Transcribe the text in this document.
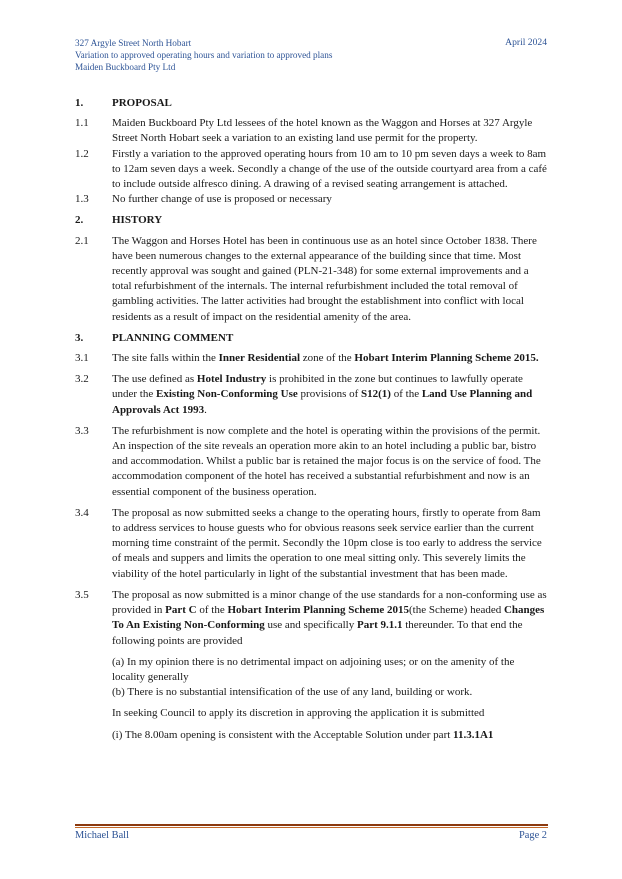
327 Argyle Street North Hobart
Variation to approved operating hours and variation to approved plans
Maiden Buckboard Pty Ltd
April 2024
1.	PROPOSAL
1.1	Maiden Buckboard Pty Ltd lessees of the hotel known as the Waggon and Horses at 327 Argyle Street North Hobart seek a variation to an existing land use permit for the property.
1.2	Firstly a variation to the approved operating hours from 10 am to 10 pm seven days a week to 8am to 12am seven days a week. Secondly a change of the use of the outside courtyard area from a café to include outside alfresco dining. A drawing of a revised seating arrangement is attached.
1.3	No further change of use is proposed or necessary
2.	HISTORY
2.1	The Waggon and Horses Hotel has been in continuous use as an hotel since October 1838. There have been numerous changes to the external appearance of the building since that time. Most recently approval was sought and gained (PLN-21-348) for some external improvements and a total refurbishment of the internals. The internal refurbishment included the total removal of gambling activities. The latter activities had brought the establishment into conflict with local residents as a result of impact on the residential amenity of the area.
3.	PLANNING COMMENT
3.1	The site falls within the Inner Residential zone of the Hobart Interim Planning Scheme 2015.
3.2	The use defined as Hotel Industry is prohibited in the zone but continues to lawfully operate under the Existing Non-Conforming Use provisions of S12(1) of the Land Use Planning and Approvals Act 1993.
3.3	The refurbishment is now complete and the hotel is operating within the provisions of the permit. An inspection of the site reveals an operation more akin to an hotel including a public bar, bistro and accommodation. Whilst a public bar is retained the major focus is on the service of food. The accommodation component of the hotel has received a substantial refurbishment and now is an essential component of the business operation.
3.4	The proposal as now submitted seeks a change to the operating hours, firstly to operate from 8am to address services to house guests who for obvious reasons seek service earlier than the current morning time constraint of the permit. Secondly the 10pm close is too early to address the service of meals and suppers and limits the operation to one meal sitting only. This severely limits the viability of the hotel particularly in light of the substantial investment that has been made.
3.5	The proposal as now submitted is a minor change of the use standards for a non-conforming use as provided in Part C of the Hobart Interim Planning Scheme 2015(the Scheme) headed Changes To An Existing Non-Conforming use and specifically Part 9.1.1 thereunder. To that end the following points are provided
(a) In my opinion there is no detrimental impact on adjoining uses; or on the amenity of the locality generally
(b) There is no substantial intensification of the use of any land, building or work.
In seeking Council to apply its discretion in approving the application it is submitted
(i) The 8.00am opening is consistent with the Acceptable Solution under part 11.3.1A1
Michael Ball	Page 2
